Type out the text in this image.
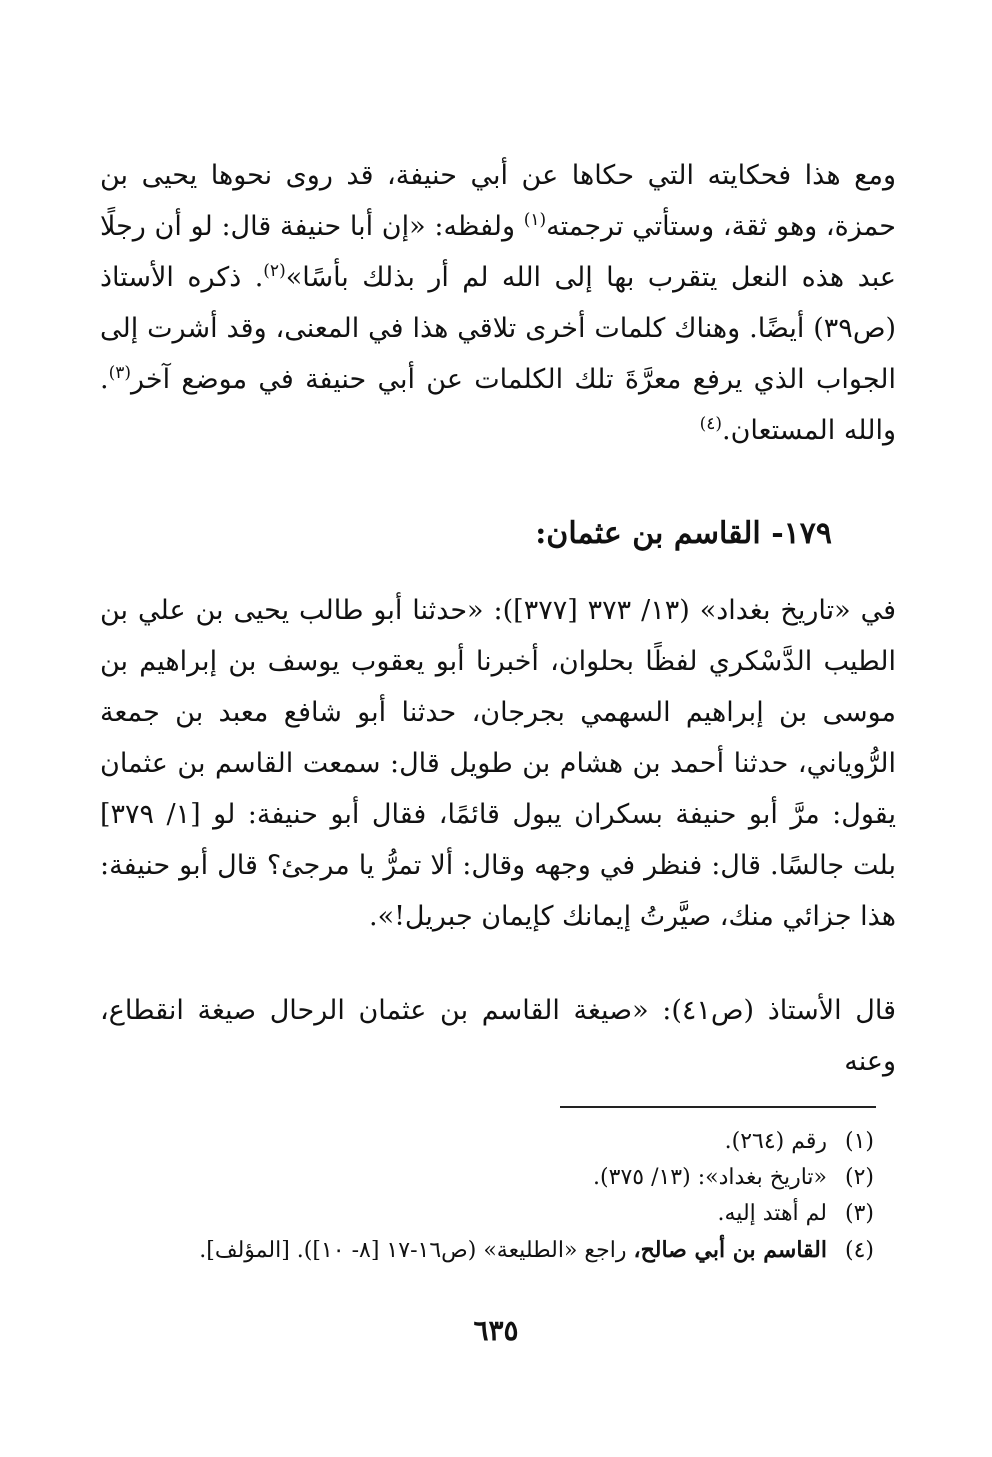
ومع هذا فحكايته التي حكاها عن أبي حنيفة، قد روى نحوها يحيى بن حمزة، وهو ثقة، وستأتي ترجمته$^{(١)}$ ولفظه: «إن أبا حنيفة قال: لو أن رجلًا عبد هذه النعل يتقرب بها إلى الله لم أر بذلك بأسًا»$^{(٢)}$. ذكره الأستاذ (ص٣٩) أيضًا. وهناك كلمات أخرى تلاقي هذا في المعنى، وقد أشرت إلى الجواب الذي يرفع معرَّةَ تلك الكلمات عن أبي حنيفة في موضع آخر$^{(٣)}$. والله المستعان.$^{(٤)}$

١٧٩- القاسم بن عثمان:

في «تاريخ بغداد» (١٣/ ٣٧٣ [٣٧٧]): «حدثنا أبو طالب يحيى بن علي بن الطيب الدَّسْكري لفظًا بحلوان، أخبرنا أبو يعقوب يوسف بن إبراهيم بن موسى بن إبراهيم السهمي بجرجان، حدثنا أبو شافع معبد بن جمعة الرُّوياني، حدثنا أحمد بن هشام بن طويل قال: سمعت القاسم بن عثمان يقول: مرَّ أبو حنيفة بسكران يبول قائمًا، فقال أبو حنيفة: لو [١/ ٣٧٩] بلت جالسًا. قال: فنظر في وجهه وقال: ألا تمرُّ يا مرجئ؟ قال أبو حنيفة: هذا جزائي منك، صيَّرتُ إيمانك كإيمان جبريل!».

قال الأستاذ (ص٤١): «صيغة القاسم بن عثمان الرحال صيغة انقطاع، وعنه

(١) رقم (٢٦٤).
(٢) «تاريخ بغداد»: (١٣/ ٣٧٥).
(٣) لم أهتد إليه.
(٤) القاسم بن أبي صالح، راجع «الطليعة» (ص١٦-١٧ [٨- ١٠]). [المؤلف].
٦٣٥
